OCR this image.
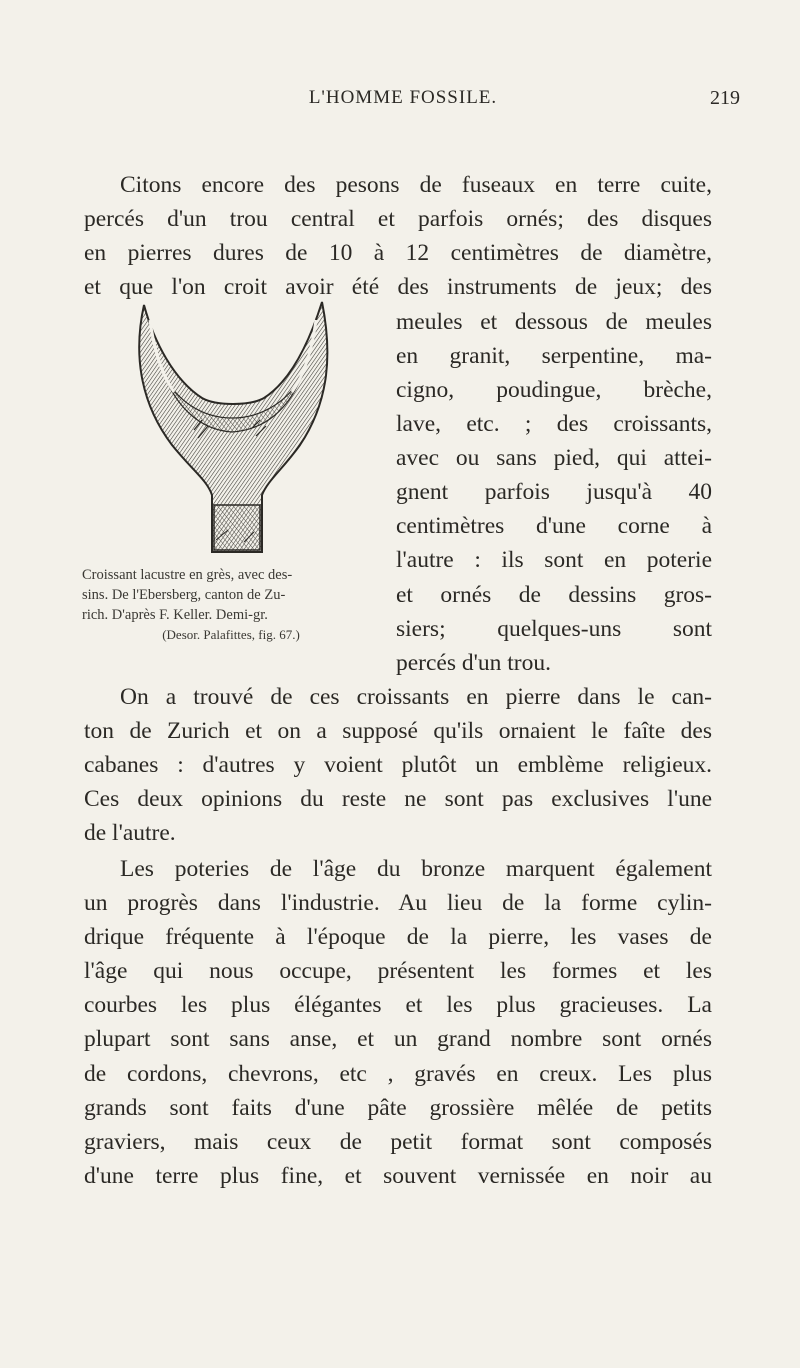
L'HOMME FOSSILE.	219
Citons encore des pesons de fuseaux en terre cuite,
percés d'un trou central et parfois ornés; des disques
en pierres dures de 10 à 12 centimètres de diamètre,
et que l'on croit avoir été des instruments de jeux; des
meules et dessous de meules
en granit, serpentine, ma-
cigno, poudingue, brèche,
lave, etc. ; des croissants,
avec ou sans pied, qui attei-
gnent parfois jusqu'à 40
centimètres d'une corne à
l'autre : ils sont en poterie
et ornés de dessins gros-
siers; quelques-uns sont
percés d'un trou.
Croissant lacustre en grès, avec des-
sins. De l'Ebersberg, canton de Zu-
rich. D'après F. Keller. Demi-gr.
(Desor. Palafittes, fig. 67.)
On a trouvé de ces croissants en pierre dans le can-
ton de Zurich et on a supposé qu'ils ornaient le faîte des
cabanes : d'autres y voient plutôt un emblème religieux.
Ces deux opinions du reste ne sont pas exclusives l'une
de l'autre.
Les poteries de l'âge du bronze marquent également
un progrès dans l'industrie. Au lieu de la forme cylin-
drique fréquente à l'époque de la pierre, les vases de
l'âge qui nous occupe, présentent les formes et les
courbes les plus élégantes et les plus gracieuses. La
plupart sont sans anse, et un grand nombre sont ornés
de cordons, chevrons, etc , gravés en creux. Les plus
grands sont faits d'une pâte grossière mêlée de petits
graviers, mais ceux de petit format sont composés
d'une terre plus fine, et souvent vernissée en noir au
